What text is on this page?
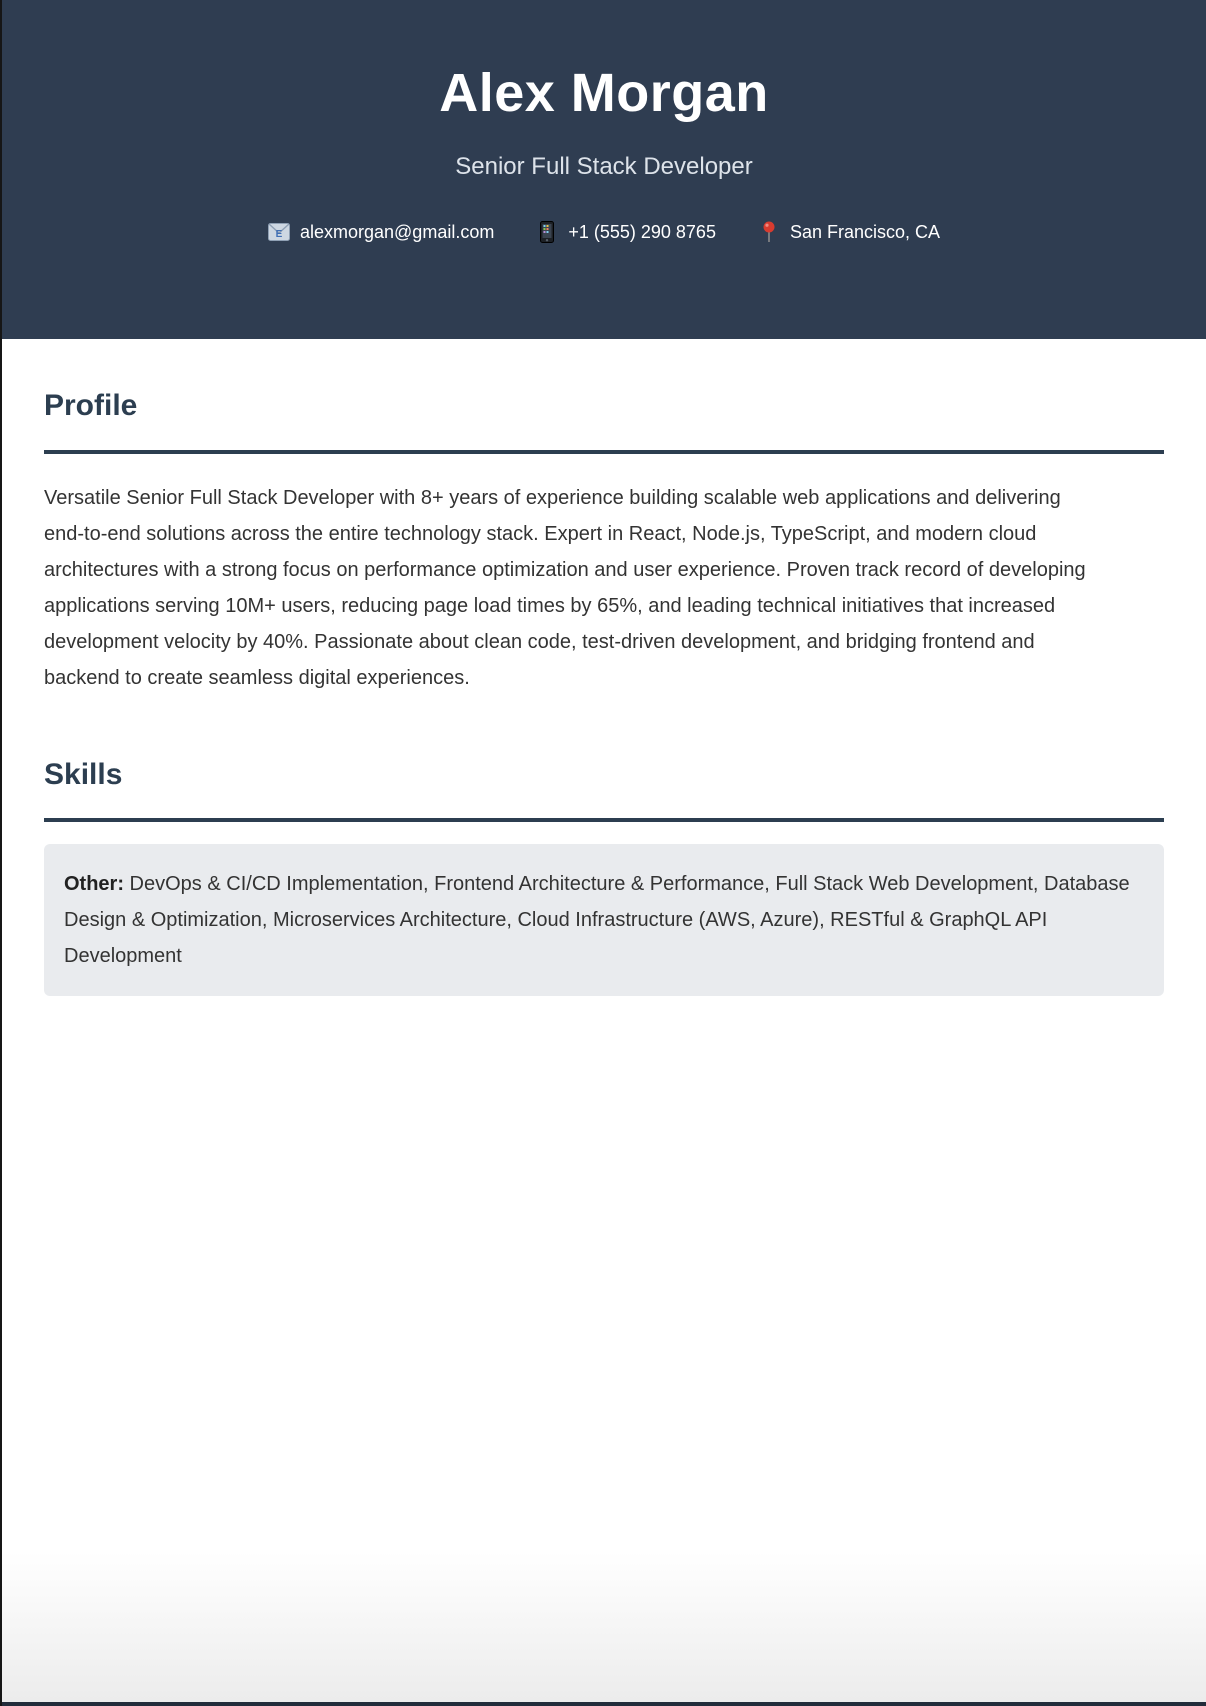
Alex Morgan
Senior Full Stack Developer
E alexmorgan@gmail.com	+1 (555) 290 8765	San Francisco, CA
Profile

Versatile Senior Full Stack Developer with 8+ years of experience building scalable web applications and delivering end-to-end solutions across the entire technology stack. Expert in React, Node.js, TypeScript, and modern cloud architectures with a strong focus on performance optimization and user experience. Proven track record of developing applications serving 10M+ users, reducing page load times by 65%, and leading technical initiatives that increased development velocity by 40%. Passionate about clean code, test-driven development, and bridging frontend and backend to create seamless digital experiences.

Skills
Other: DevOps & CI/CD Implementation, Frontend Architecture & Performance, Full Stack Web Development, Database Design & Optimization, Microservices Architecture, Cloud Infrastructure (AWS, Azure), RESTful & GraphQL API Development
